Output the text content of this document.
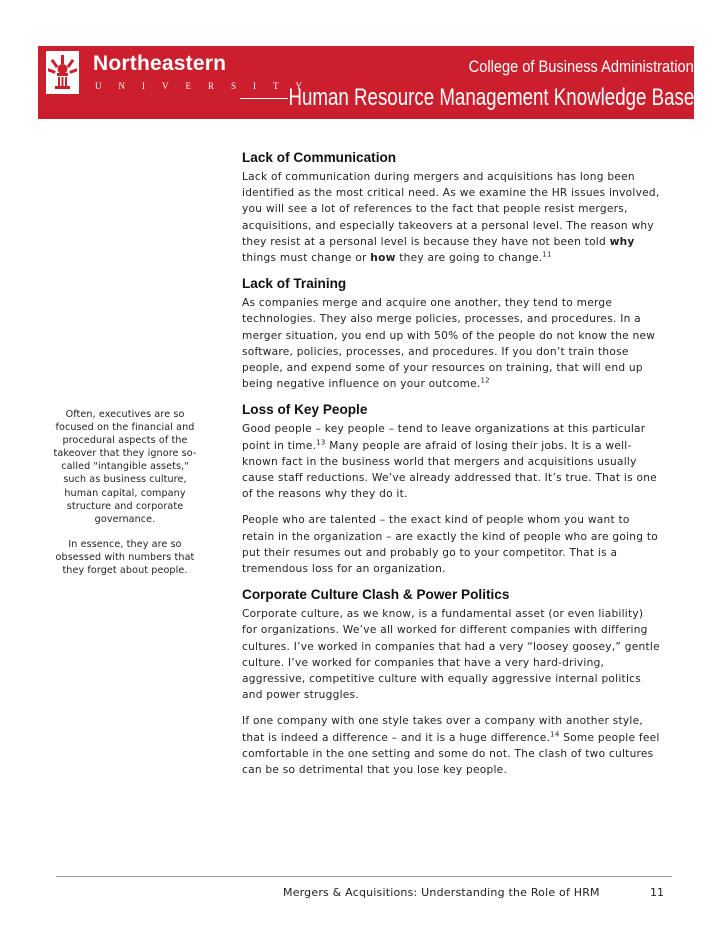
Northeastern
UNIVERSITY
College of Business Administration
Human Resource Management Knowledge Base
Lack of Communication

Lack of communication during mergers and acquisitions has long been identified as the most critical need. As we examine the HR issues involved, you will see a lot of references to the fact that people resist mergers, acquisitions, and especially takeovers at a personal level. The reason why they resist at a personal level is because they have not been told why things must change or how they are going to change.$^{11}$

Lack of Training

As companies merge and acquire one another, they tend to merge technologies. They also merge policies, processes, and procedures. In a merger situation, you end up with 50% of the people do not know the new software, policies, processes, and procedures. If you don’t train those people, and expend some of your resources on training, that will end up being negative influence on your outcome.$^{12}$

Loss of Key People

Good people – key people – tend to leave organizations at this particular point in time.$^{13}$ Many people are afraid of losing their jobs. It is a well-known fact in the business world that mergers and acquisitions usually cause staff reductions. We’ve already addressed that. It’s true. That is one of the reasons why they do it.

People who are talented – the exact kind of people whom you want to retain in the organization – are exactly the kind of people who are going to put their resumes out and probably go to your competitor. That is a tremendous loss for an organization.

Corporate Culture Clash & Power Politics

Corporate culture, as we know, is a fundamental asset (or even liability) for organizations. We’ve all worked for different companies with differing cultures. I’ve worked in companies that had a very “loosey goosey,” gentle culture. I’ve worked for companies that have a very hard-driving, aggressive, competitive culture with equally aggressive internal politics and power struggles.

If one company with one style takes over a company with another style, that is indeed a difference – and it is a huge difference.$^{14}$ Some people feel comfortable in the one setting and some do not. The clash of two cultures can be so detrimental that you lose key people.

Often, executives are so focused on the financial and procedural aspects of the takeover that they ignore so-called "intangible assets," such as business culture, human capital, company structure and corporate governance.

In essence, they are so obsessed with numbers that they forget about people.

Mergers & Acquisitions: Understanding the Role of HRM	11
